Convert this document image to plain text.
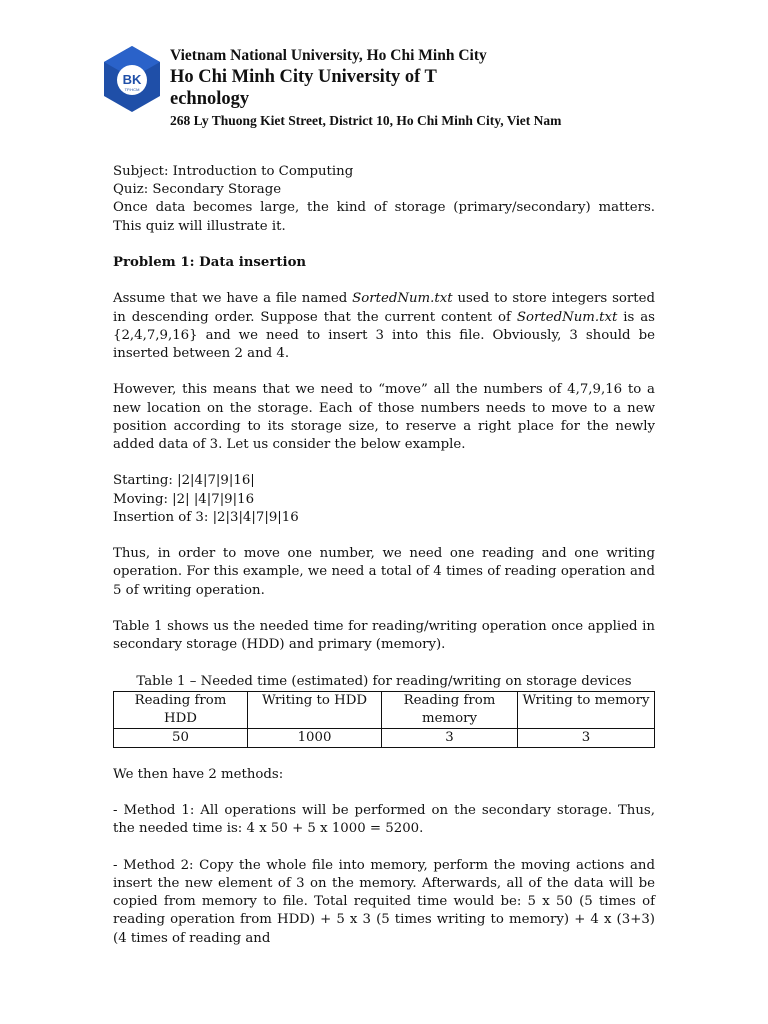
BK
TP.HCM
Vietnam National University, Ho Chi Minh City
Ho Chi Minh City University of T
echnology
268 Ly Thuong Kiet Street, District 10, Ho Chi Minh City, Viet Nam

Subject: Introduction to Computing

Quiz: Secondary Storage

Once data becomes large, the kind of storage (primary/secondary) matters. This quiz will illustrate it.

Problem 1: Data insertion

Assume that we have a file named SortedNum.txt used to store integers sorted in descending order. Suppose that the current content of SortedNum.txt is as {2,4,7,9,16} and we need to insert 3 into this file. Obviously, 3 should be inserted between 2 and 4.

However, this means that we need to “move” all the numbers of 4,7,9,16 to a new location on the storage. Each of those numbers needs to move to a new position according to its storage size, to reserve a right place for the newly added data of 3. Let us consider the below example.

Starting: |2|4|7|9|16|

Moving: |2| |4|7|9|16

Insertion of 3: |2|3|4|7|9|16

Thus, in order to move one number, we need one reading and one writing operation. For this example, we need a total of 4 times of reading operation and 5 of writing operation.

Table 1 shows us the needed time for reading/writing operation once applied in secondary storage (HDD) and primary (memory).

Table 1 – Needed time (estimated) for reading/writing on storage devices

Reading from HDD	Writing to HDD	Reading from memory	Writing to memory
50	1000	3	3

We then have 2 methods:

- Method 1: All operations will be performed on the secondary storage. Thus, the needed time is: 4 x 50 + 5 x 1000 = 5200.

- Method 2: Copy the whole file into memory, perform the moving actions and insert the new element of 3 on the memory. Afterwards, all of the data will be copied from memory to file. Total requited time would be: 5 x 50 (5 times of reading operation from HDD) + 5 x 3 (5 times writing to memory) + 4 x (3+3) (4 times of reading and
